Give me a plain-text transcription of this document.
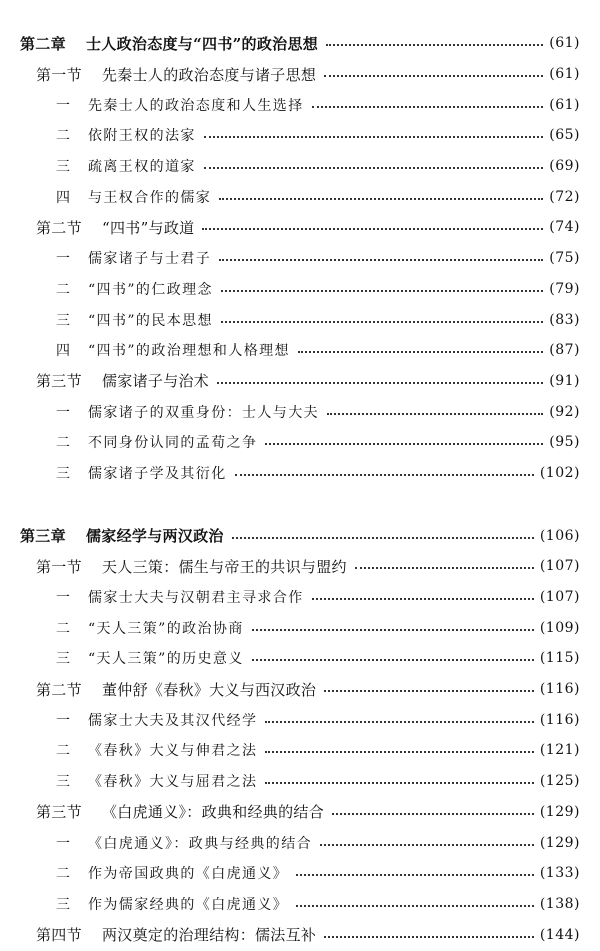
第二章	士人政治态度与“四书”的政治思想	(61)
第一节	先秦士人的政治态度与诸子思想	(61)
一	先秦士人的政治态度和人生选择	(61)
二	依附王权的法家	(65)
三	疏离王权的道家	(69)
四	与王权合作的儒家	(72)
第二节	“四书”与政道	(74)
一	儒家诸子与士君子	(75)
二	“四书”的仁政理念	(79)
三	“四书”的民本思想	(83)
四	“四书”的政治理想和人格理想	(87)
第三节	儒家诸子与治术	(91)
一	儒家诸子的双重身份：士人与大夫	(92)
二	不同身份认同的孟荀之争	(95)
三	儒家诸子学及其衍化	(102)
第三章	儒家经学与两汉政治	(106)
第一节	天人三策：儒生与帝王的共识与盟约	(107)
一	儒家士大夫与汉朝君主寻求合作	(107)
二	“天人三策”的政治协商	(109)
三	“天人三策”的历史意义	(115)
第二节	董仲舒《春秋》大义与西汉政治	(116)
一	儒家士大夫及其汉代经学	(116)
二	《春秋》大义与伸君之法	(121)
三	《春秋》大义与屈君之法	(125)
第三节	《白虎通义》：政典和经典的结合	(129)
一	《白虎通义》：政典与经典的结合	(129)
二	作为帝国政典的《白虎通义》	(133)
三	作为儒家经典的《白虎通义》	(138)
第四节	两汉奠定的治理结构：儒法互补	(144)
